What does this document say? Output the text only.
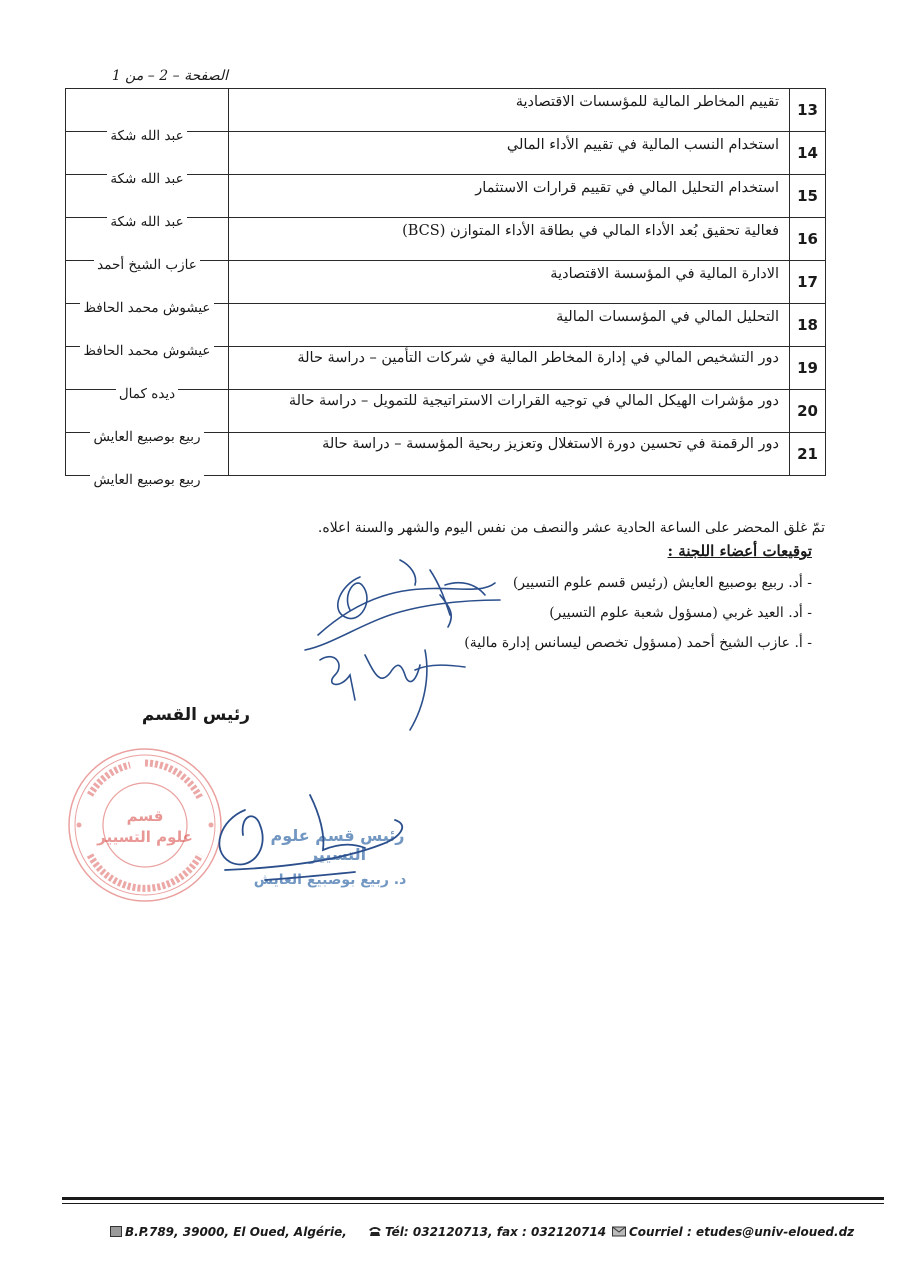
الصفحة – 2 – من 1
عبد الله شكة	تقييم المخاطر المالية للمؤسسات الاقتصادية	13

عبد الله شكة	استخدام النسب المالية في تقييم الأداء المالي	14

عبد الله شكة	استخدام التحليل المالي في تقييم قرارات الاستثمار	15

عازب الشيخ أحمد	فعالية تحقيق بُعد الأداء المالي في بطاقة الأداء المتوازن (BCS)	16

عيشوش محمد الحافظ	الادارة المالية في المؤسسة الاقتصادية	17

عيشوش محمد الحافظ	التحليل المالي في المؤسسات المالية	18

ديده كمال	دور التشخيص المالي في إدارة المخاطر المالية في شركات التأمين – دراسة حالة	19

ربيع بوصبيع العايش	دور مؤشرات الهيكل المالي في توجيه القرارات الاستراتيجية للتمويل – دراسة حالة	20

ربيع بوصبيع العايش	دور الرقمنة في تحسين دورة الاستغلال وتعزيز ربحية المؤسسة – دراسة حالة	21
تمّ غلق المحضر على الساعة الحادية عشر والنصف من نفس اليوم والشهر والسنة اعلاه.
توقيعات أعضاء اللجنة :
- أد. ربيع بوصبيع العايش (رئيس قسم علوم التسيير)
- أد. العيد غربي (مسؤول شعبة علوم التسيير)
- أ. عازب الشيخ أحمد (مسؤول تخصص ليسانس إدارة مالية)
رئيس القسم
قسم
علوم التسيير	رئيس قسم علوم التسيير
د. ربيع بوصبيع العايش
B.P.789, 39000, El Oued, Algérie,	Tél: 032120713, fax : 032120714	Courriel : etudes@univ-eloued.dz
